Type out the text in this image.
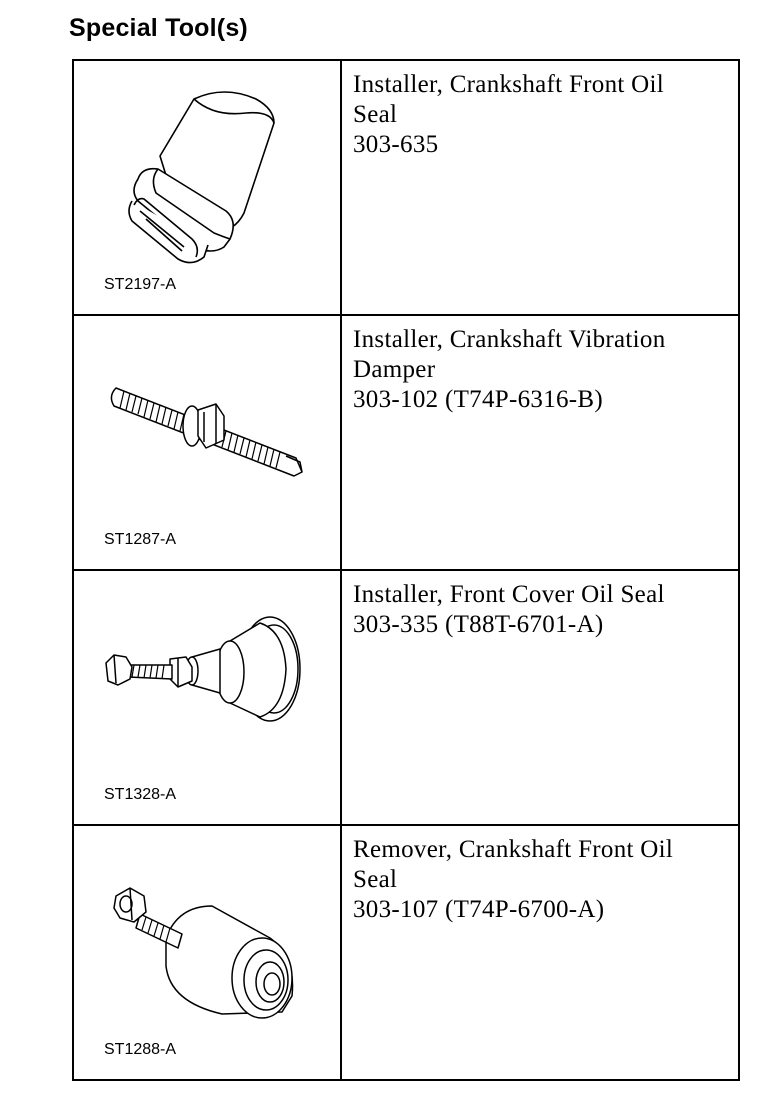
Special Tool(s)
ST2197-A	Installer, Crankshaft Front Oil
Seal
303-635

ST1287-A	Installer, Crankshaft Vibration
Damper
303-102 (T74P-6316-B)

ST1328-A	Installer, Front Cover Oil Seal
303-335 (T88T-6701-A)

ST1288-A	Remover, Crankshaft Front Oil
Seal
303-107 (T74P-6700-A)
